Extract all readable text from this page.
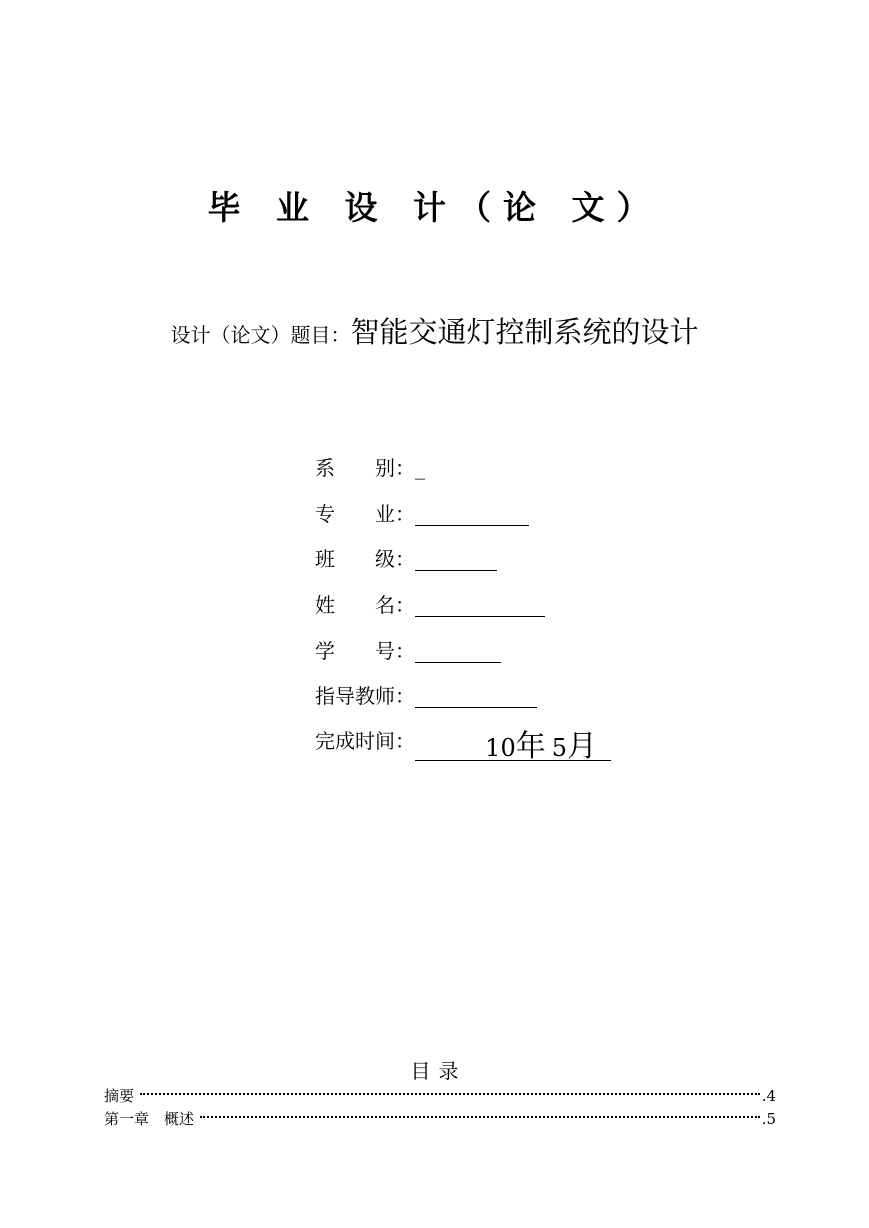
毕 业 设 计（论 文）
设计（论文）题目：智能交通灯控制系统的设计
系　　别：_
专　　业：
班　　级：
姓　　名：
学　　号：
指导教师：
完成时间：	10年 5月
目录
摘要	.4
第一章　概述	.5
